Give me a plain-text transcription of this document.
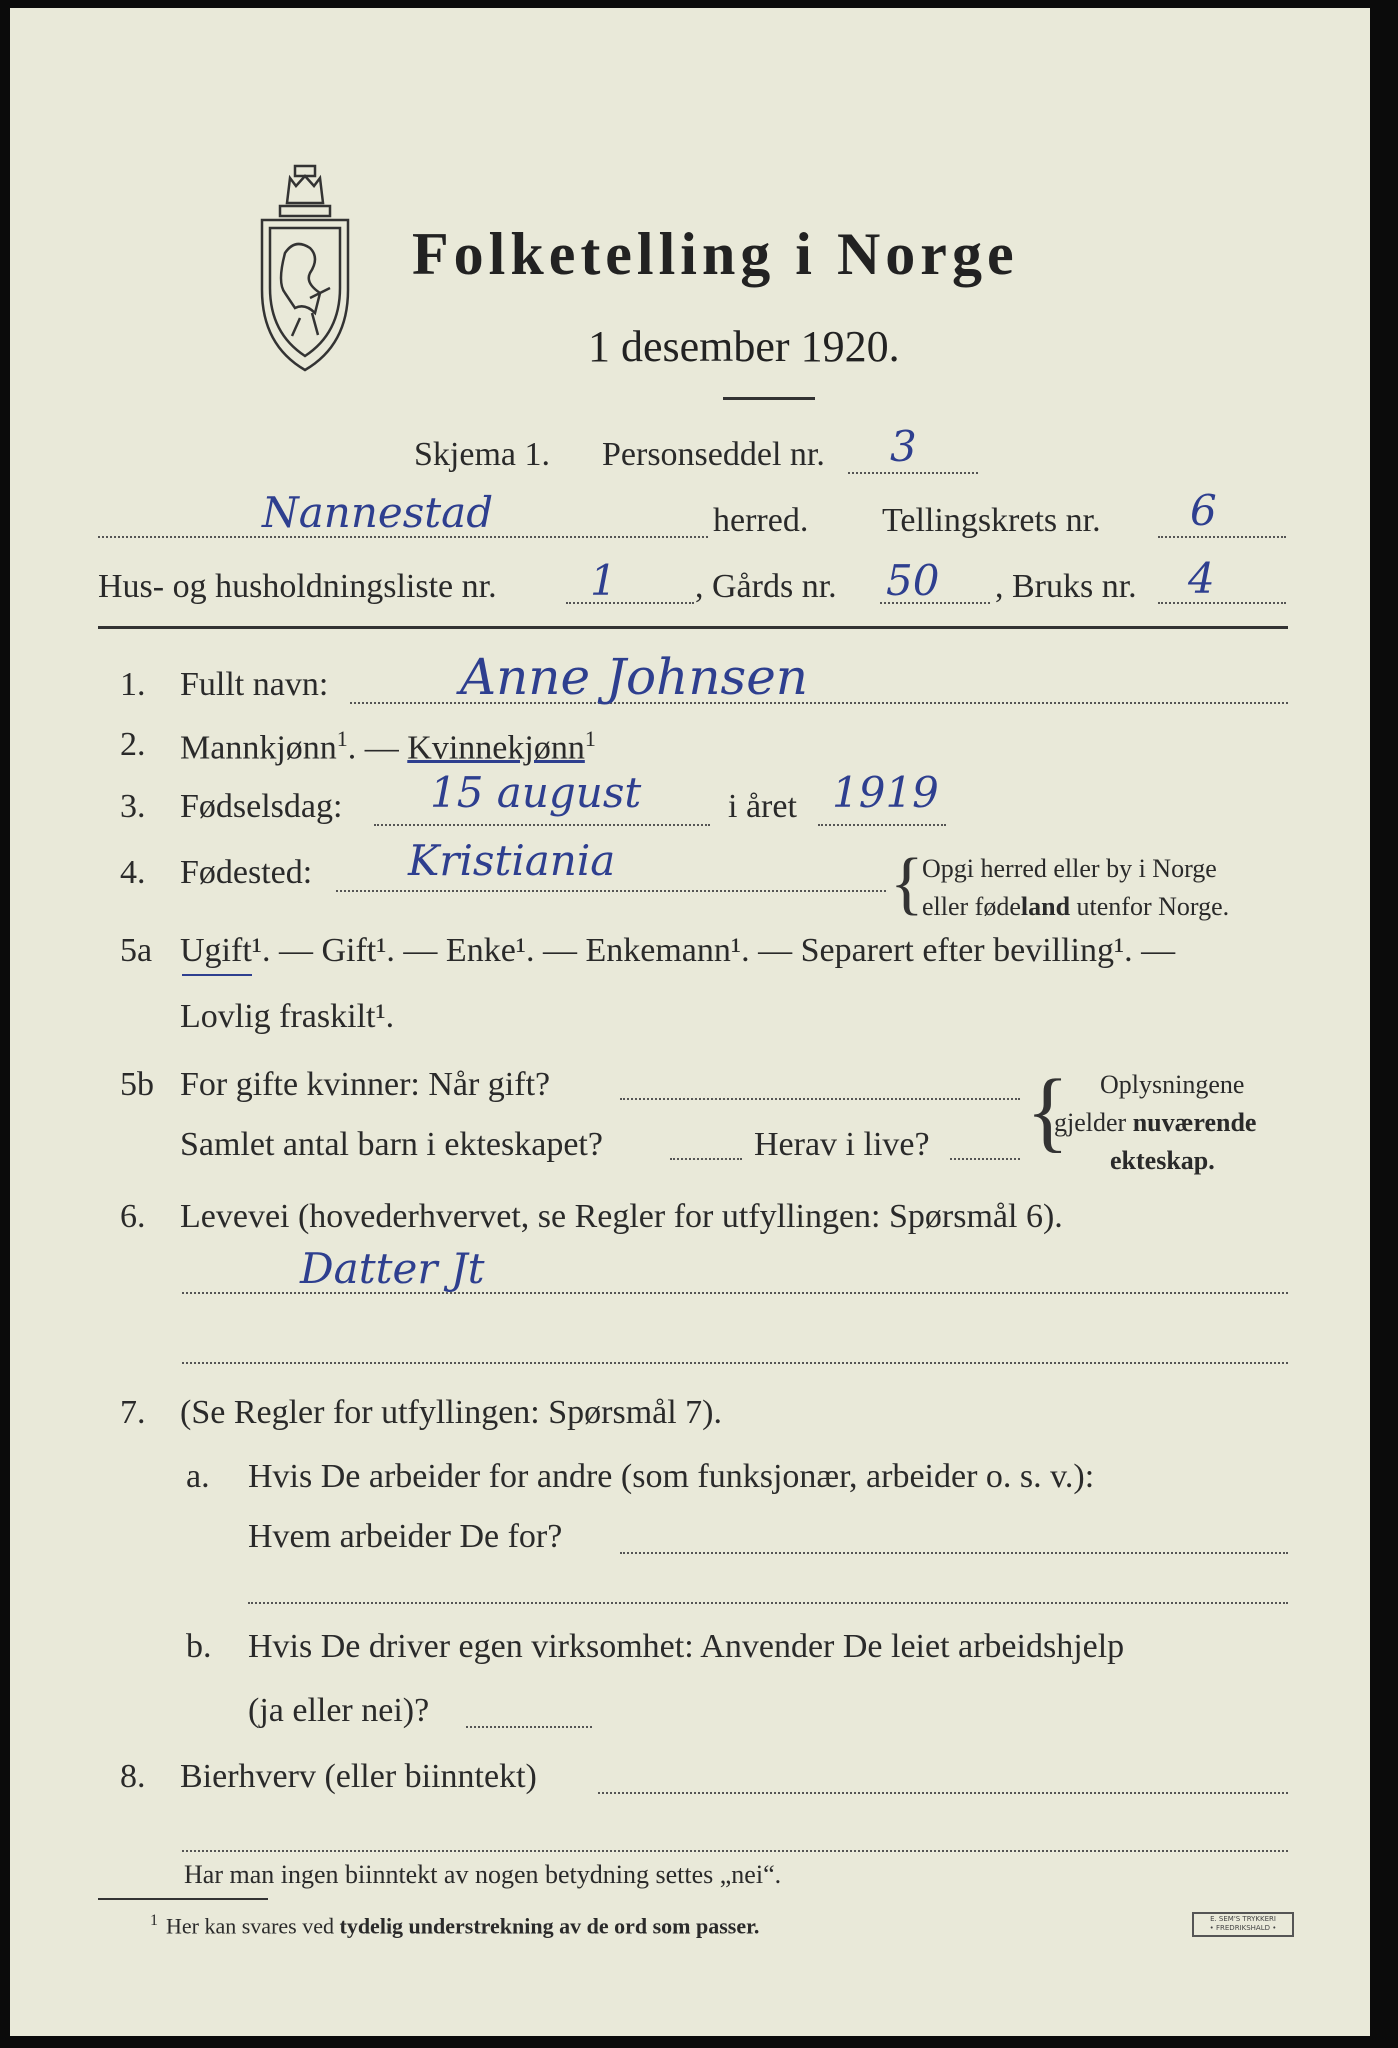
Folketelling i Norge
1 desember 1920.
Skjema 1. Personseddel nr. 3
Nannestad	herred. Tellingskrets nr. 6
Hus- og husholdningsliste nr. 1 , Gårds nr. 50 , Bruks nr. 4
1. Fullt navn:	Anne Johnsen
2. Mannkjønn$^1$. — Kvinnekjønn$^1$
3. Fødselsdag: 15 august	i året 1919
4. Fødested: Kristiania	{
Opgi herred eller by i Norge
eller fødeland utenfor Norge.
5a Ugift¹. — Gift¹. — Enke¹. — Enkemann¹. — Separert efter bevilling¹. —
Lovlig fraskilt¹.
5b For gifte kvinner: Når gift?
Samlet antal barn i ekteskapet?	Herav i live? { Oplysningene
gjelder nuværende
ekteskap.
6. Levevei (hovederhvervet, se Regler for utfyllingen: Spørsmål 6).
Datter Jt
7. (Se Regler for utfyllingen: Spørsmål 7).
a. Hvis De arbeider for andre (som funksjonær, arbeider o. s. v.):
Hvem arbeider De for?
b. Hvis De driver egen virksomhet: Anvender De leiet arbeidshjelp
(ja eller nei)?
8. Bierhverv (eller biinntekt)
Har man ingen biinntekt av nogen betydning settes „nei“.
$^1$ Her kan svares ved tydelig understrekning av de ord som passer.	E. SEM'S TRYKKERI
• FREDRIKSHALD •
